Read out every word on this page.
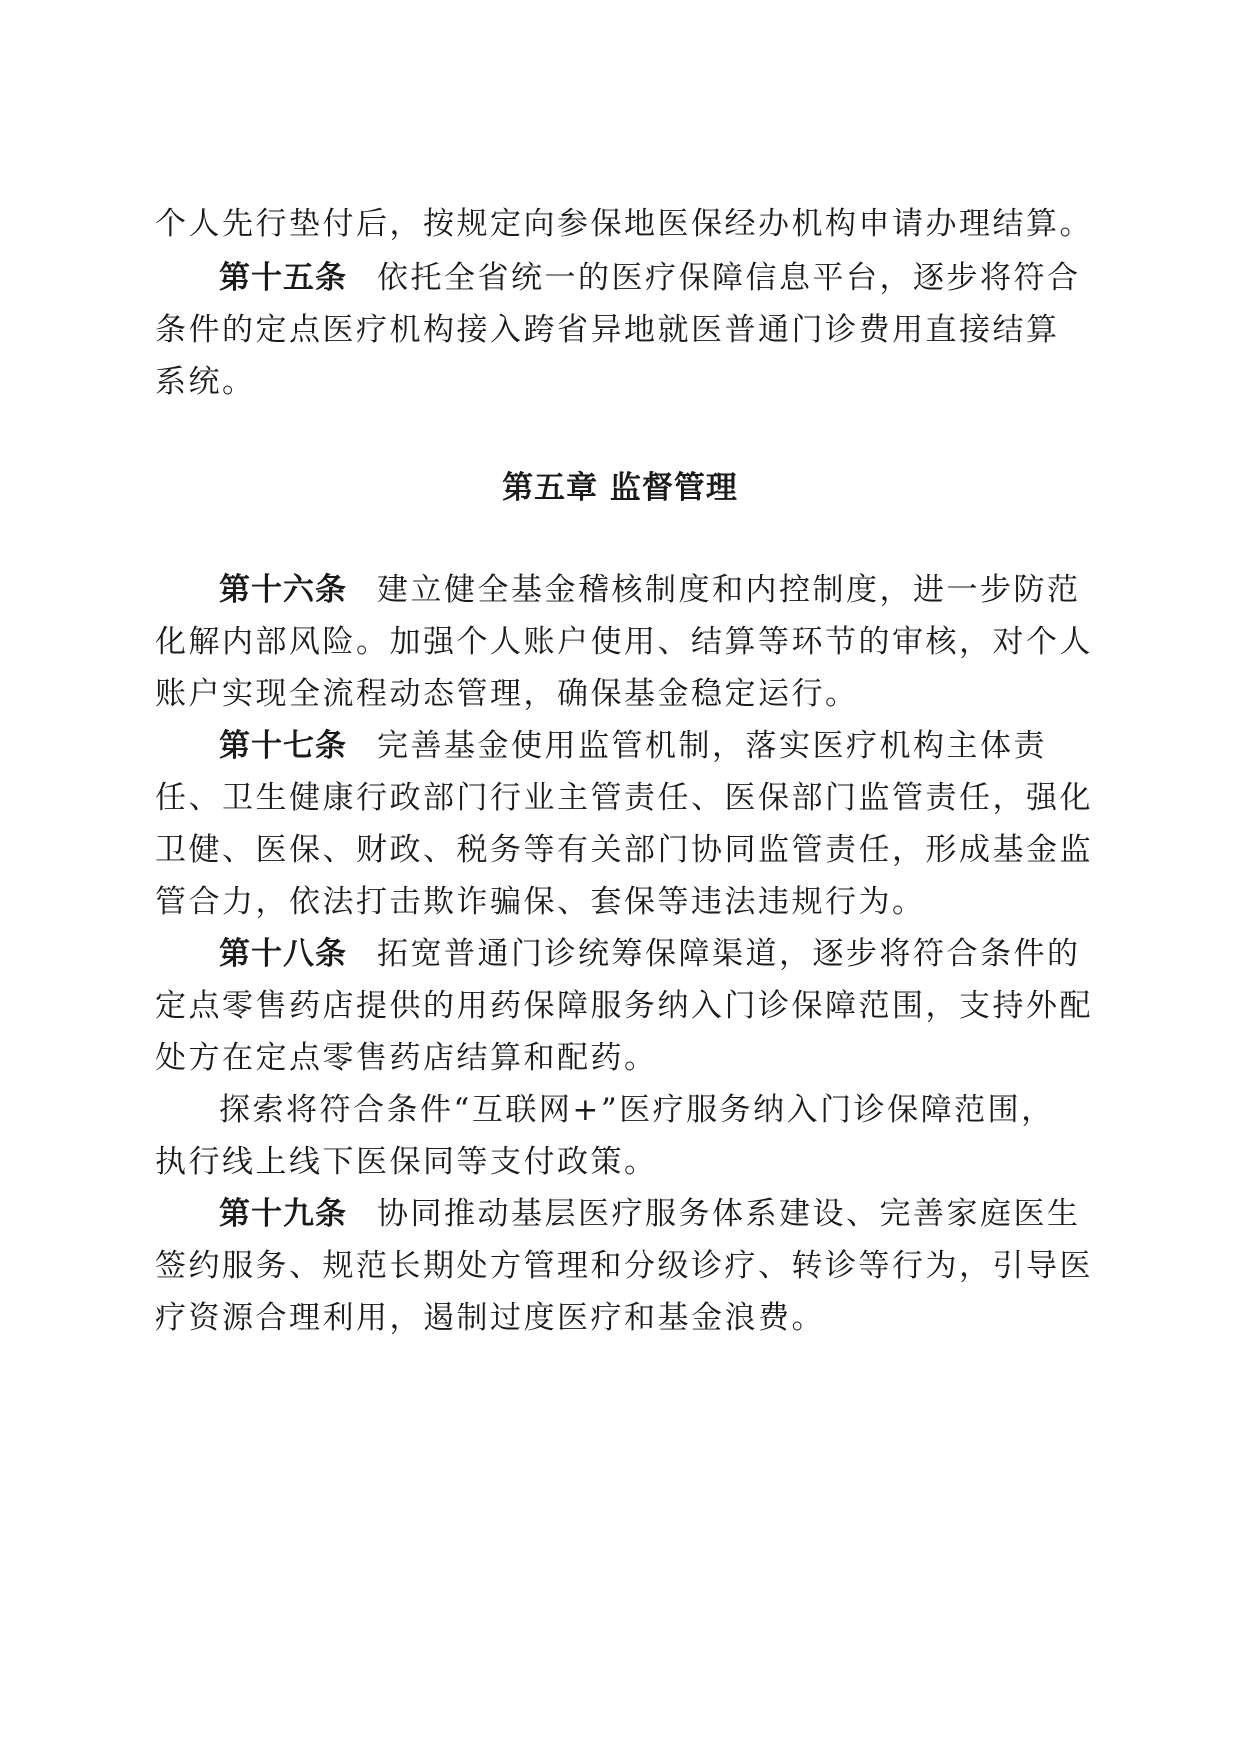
个人先行垫付后，按规定向参保地医保经办机构申请办理结算。

第十五条 依托全省统一的医疗保障信息平台，逐步将符合

条件的定点医疗机构接入跨省异地就医普通门诊费用直接结算

系统。

第五章 监督管理

第十六条 建立健全基金稽核制度和内控制度，进一步防范

化解内部风险。加强个人账户使用、结算等环节的审核，对个人

账户实现全流程动态管理，确保基金稳定运行。

第十七条 完善基金使用监管机制，落实医疗机构主体责

任、卫生健康行政部门行业主管责任、医保部门监管责任，强化

卫健、医保、财政、税务等有关部门协同监管责任，形成基金监

管合力，依法打击欺诈骗保、套保等违法违规行为。

第十八条 拓宽普通门诊统筹保障渠道，逐步将符合条件的

定点零售药店提供的用药保障服务纳入门诊保障范围，支持外配

处方在定点零售药店结算和配药。

探索将符合条件“互联网+”医疗服务纳入门诊保障范围，

执行线上线下医保同等支付政策。

第十九条 协同推动基层医疗服务体系建设、完善家庭医生

签约服务、规范长期处方管理和分级诊疗、转诊等行为，引导医

疗资源合理利用，遏制过度医疗和基金浪费。
